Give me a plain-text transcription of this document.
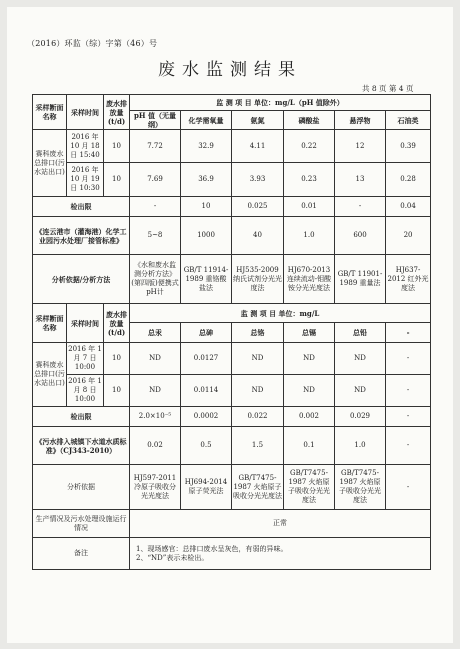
（2016）环监（综）字第（46）号
废水监测结果
共 8 页 第 4 页
采样断面名称	采样时间	废水排放量(t/d)	监 测 项 目 单位：mg/L（pH 值除外）					
			pH 值（无量纲）	化学需氧量	氨氮	磷酸盐	悬浮物	石油类
赛科废水总排口(污水站出口)	2016 年 10 月 18 日 15:40	10	7.72	32.9	4.11	0.22	12	0.39
	2016 年 10 月 19 日 10:30	10	7.69	36.9	3.93	0.23	13	0.28
检出限			-	10	0.025	0.01	-	0.04
《连云港市（灌海港）化学工业园污水处理厂接管标准》			5~8	1000	40	1.0	600	20
分析依据/分析方法			《水和废水监测分析方法》(第四版)便携式pH计	GB/T 11914-1989 重铬酸盐法	HJ535-2009 纳氏试剂分光光度法	HJ670-2013 连续流动-钼酸铵分光光度法	GB/T 11901-1989 重量法	HJ637-2012 红外光度法
采样断面名称	采样时间	废水排放量(t/d)	监 测 项 目 单位：mg/L					
			总汞	总砷	总铬	总镉	总铅	-
赛科废水总排口(污水站出口)	2016 年 1 月 7 日 10:00	10	ND	0.0127	ND	ND	ND	-
	2016 年 1 月 8 日 10:00	10	ND	0.0114	ND	ND	ND	-
检出限			2.0×10⁻⁵	0.0002	0.022	0.002	0.029	-
《污水排入城镇下水道水质标准》（CJ343-2010）			0.02	0.5	1.5	0.1	1.0	-
分析依据			HJ597-2011 冷原子吸收分光光度法	HJ694-2014 原子荧光法	GB/T7475-1987 火焰原子吸收分光光度法	GB/T7475-1987 火焰原子吸收分光光度法	GB/T7475-1987 火焰原子吸收分光光度法	-
生产情况及污水处理设施运行情况			正常					
备注			1、现场感官：总排口废水呈灰色，有弱的异味。
2、“ND”表示未检出。					
